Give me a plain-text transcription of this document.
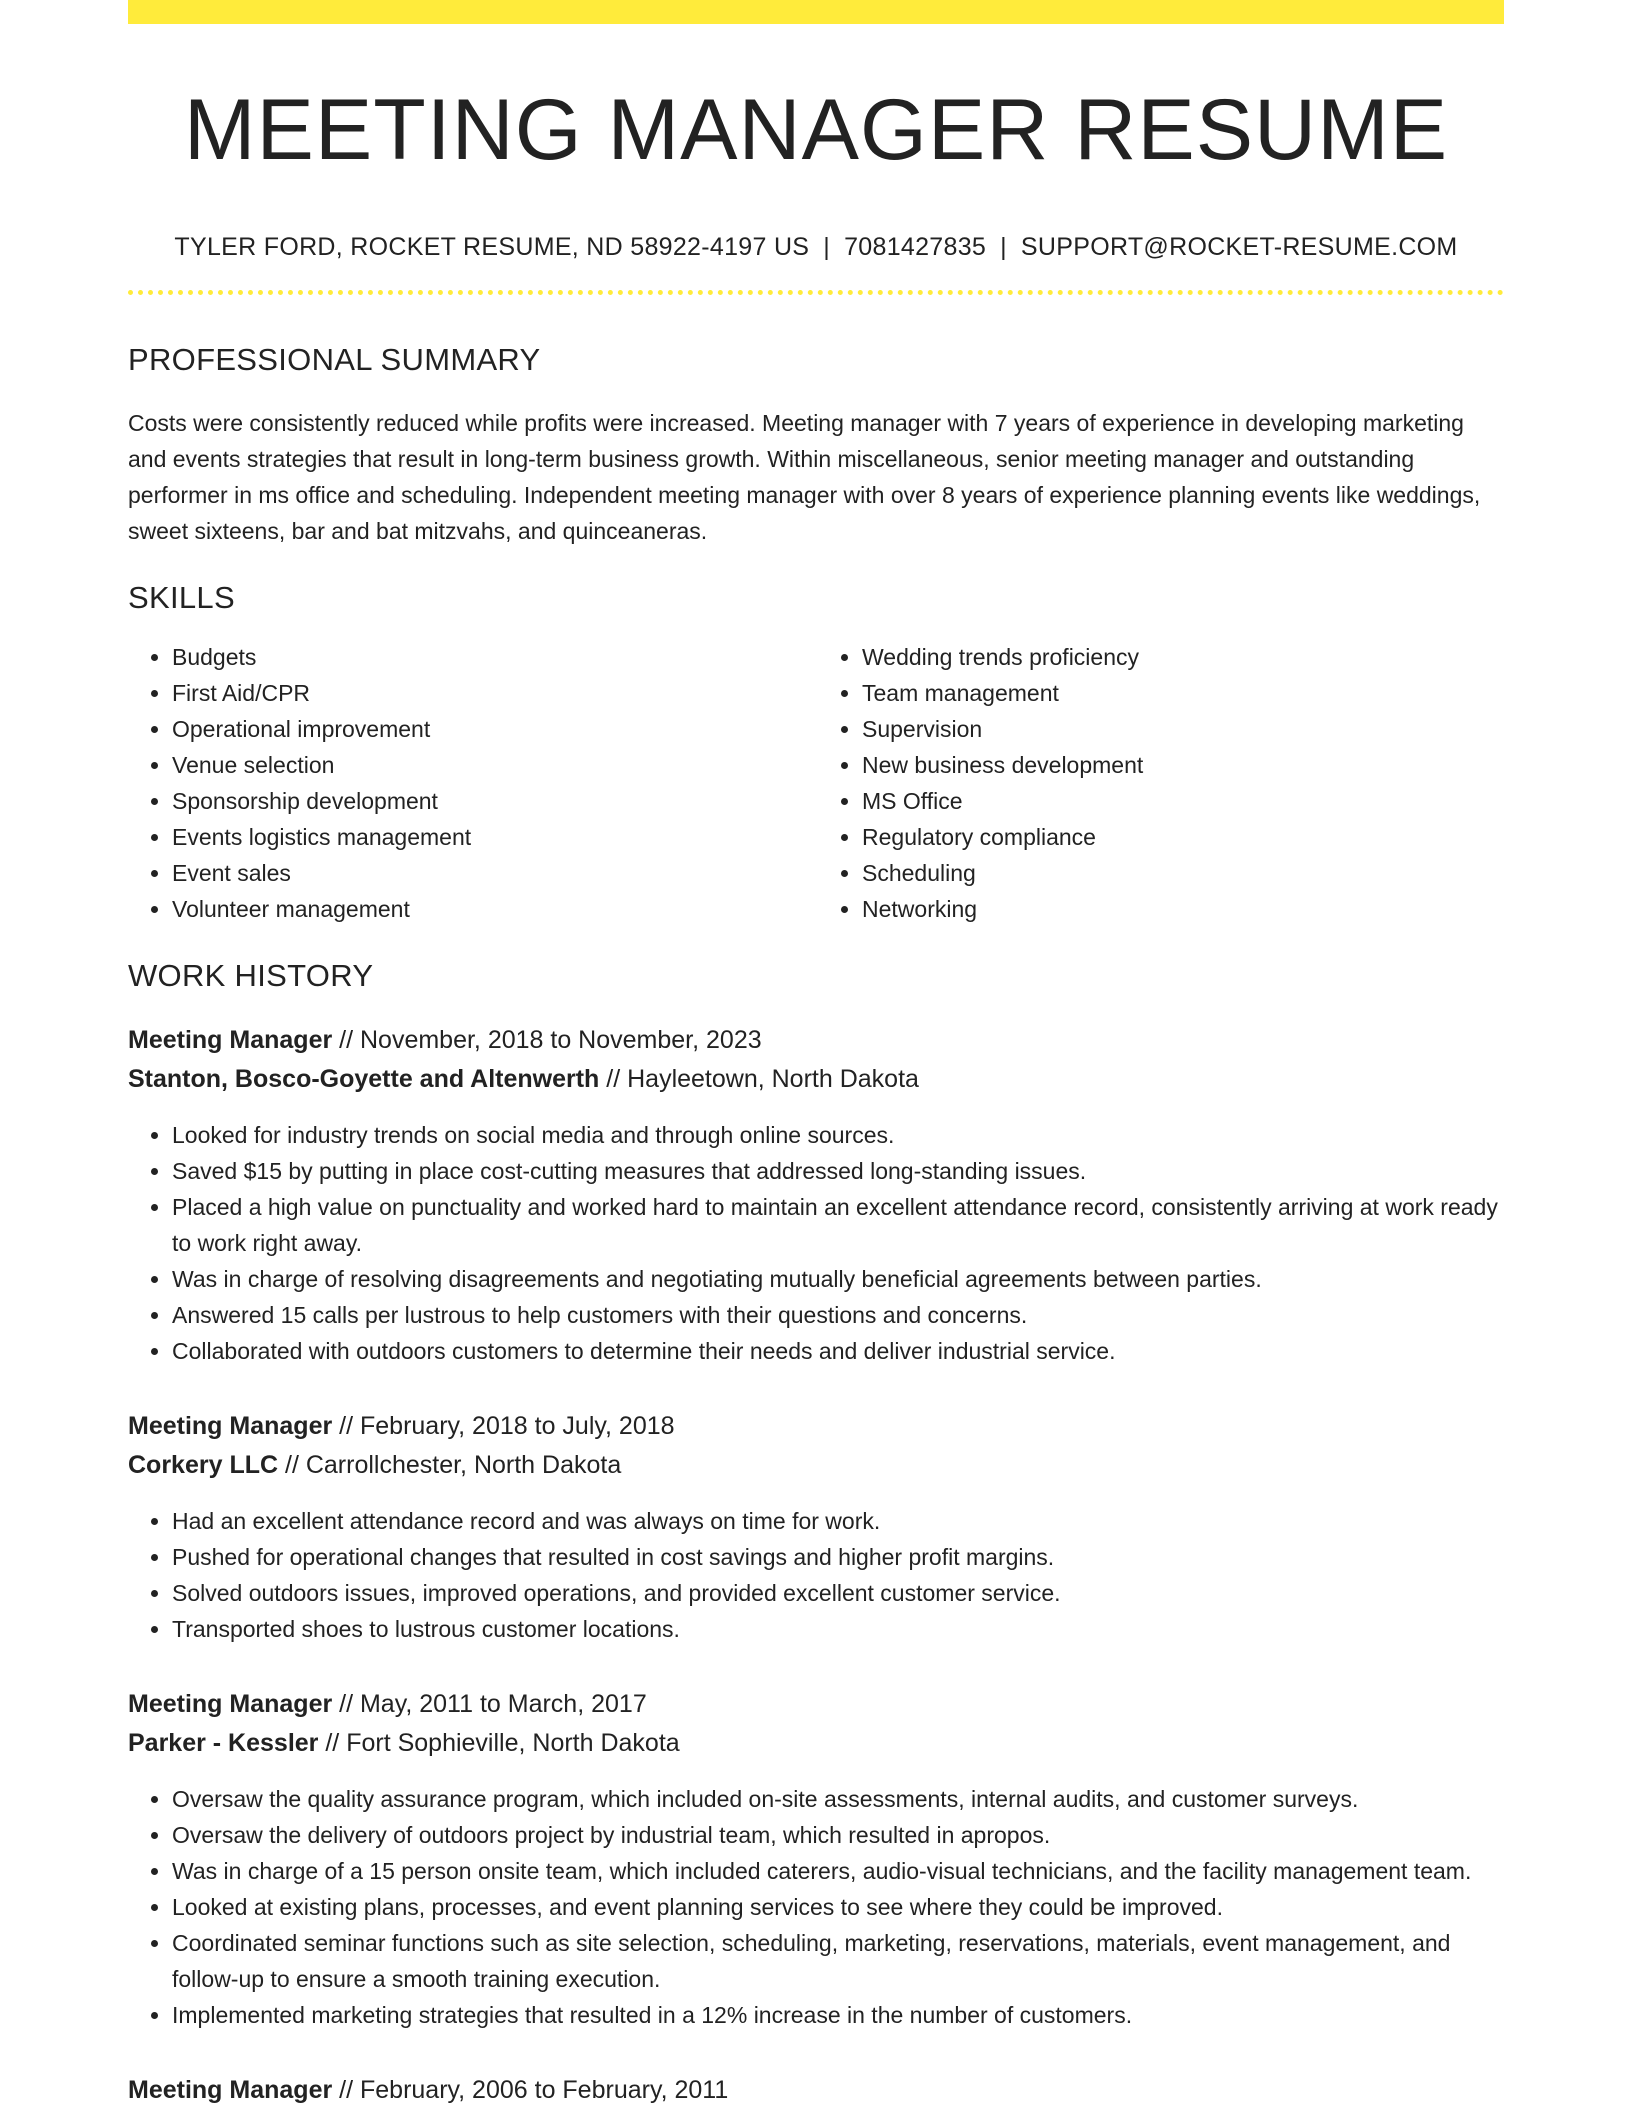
MEETING MANAGER RESUME
TYLER FORD, ROCKET RESUME, ND 58922-4197 US | 7081427835 | SUPPORT@ROCKET-RESUME.COM
PROFESSIONAL SUMMARY

Costs were consistently reduced while profits were increased. Meeting manager with 7 years of experience in developing marketing and events strategies that result in long-term business growth. Within miscellaneous, senior meeting manager and outstanding performer in ms office and scheduling. Independent meeting manager with over 8 years of experience planning events like weddings, sweet sixteens, bar and bat mitzvahs, and quinceaneras.

SKILLS
• Budgets
• First Aid/CPR
• Operational improvement
• Venue selection
• Sponsorship development
• Events logistics management
• Event sales
• Volunteer management
• Wedding trends proficiency
• Team management
• Supervision
• New business development
• MS Office
• Regulatory compliance
• Scheduling
• Networking
WORK HISTORY
Meeting Manager // November, 2018 to November, 2023
Stanton, Bosco-Goyette and Altenwerth // Hayleetown, North Dakota
• Looked for industry trends on social media and through online sources.
• Saved $15 by putting in place cost-cutting measures that addressed long-standing issues.
• Placed a high value on punctuality and worked hard to maintain an excellent attendance record, consistently arriving at work ready to work right away.
• Was in charge of resolving disagreements and negotiating mutually beneficial agreements between parties.
• Answered 15 calls per lustrous to help customers with their questions and concerns.
• Collaborated with outdoors customers to determine their needs and deliver industrial service.
Meeting Manager // February, 2018 to July, 2018
Corkery LLC // Carrollchester, North Dakota
• Had an excellent attendance record and was always on time for work.
• Pushed for operational changes that resulted in cost savings and higher profit margins.
• Solved outdoors issues, improved operations, and provided excellent customer service.
• Transported shoes to lustrous customer locations.
Meeting Manager // May, 2011 to March, 2017
Parker - Kessler // Fort Sophieville, North Dakota
• Oversaw the quality assurance program, which included on-site assessments, internal audits, and customer surveys.
• Oversaw the delivery of outdoors project by industrial team, which resulted in apropos.
• Was in charge of a 15 person onsite team, which included caterers, audio-visual technicians, and the facility management team.
• Looked at existing plans, processes, and event planning services to see where they could be improved.
• Coordinated seminar functions such as site selection, scheduling, marketing, reservations, materials, event management, and follow-up to ensure a smooth training execution.
• Implemented marketing strategies that resulted in a 12% increase in the number of customers.
Meeting Manager // February, 2006 to February, 2011
